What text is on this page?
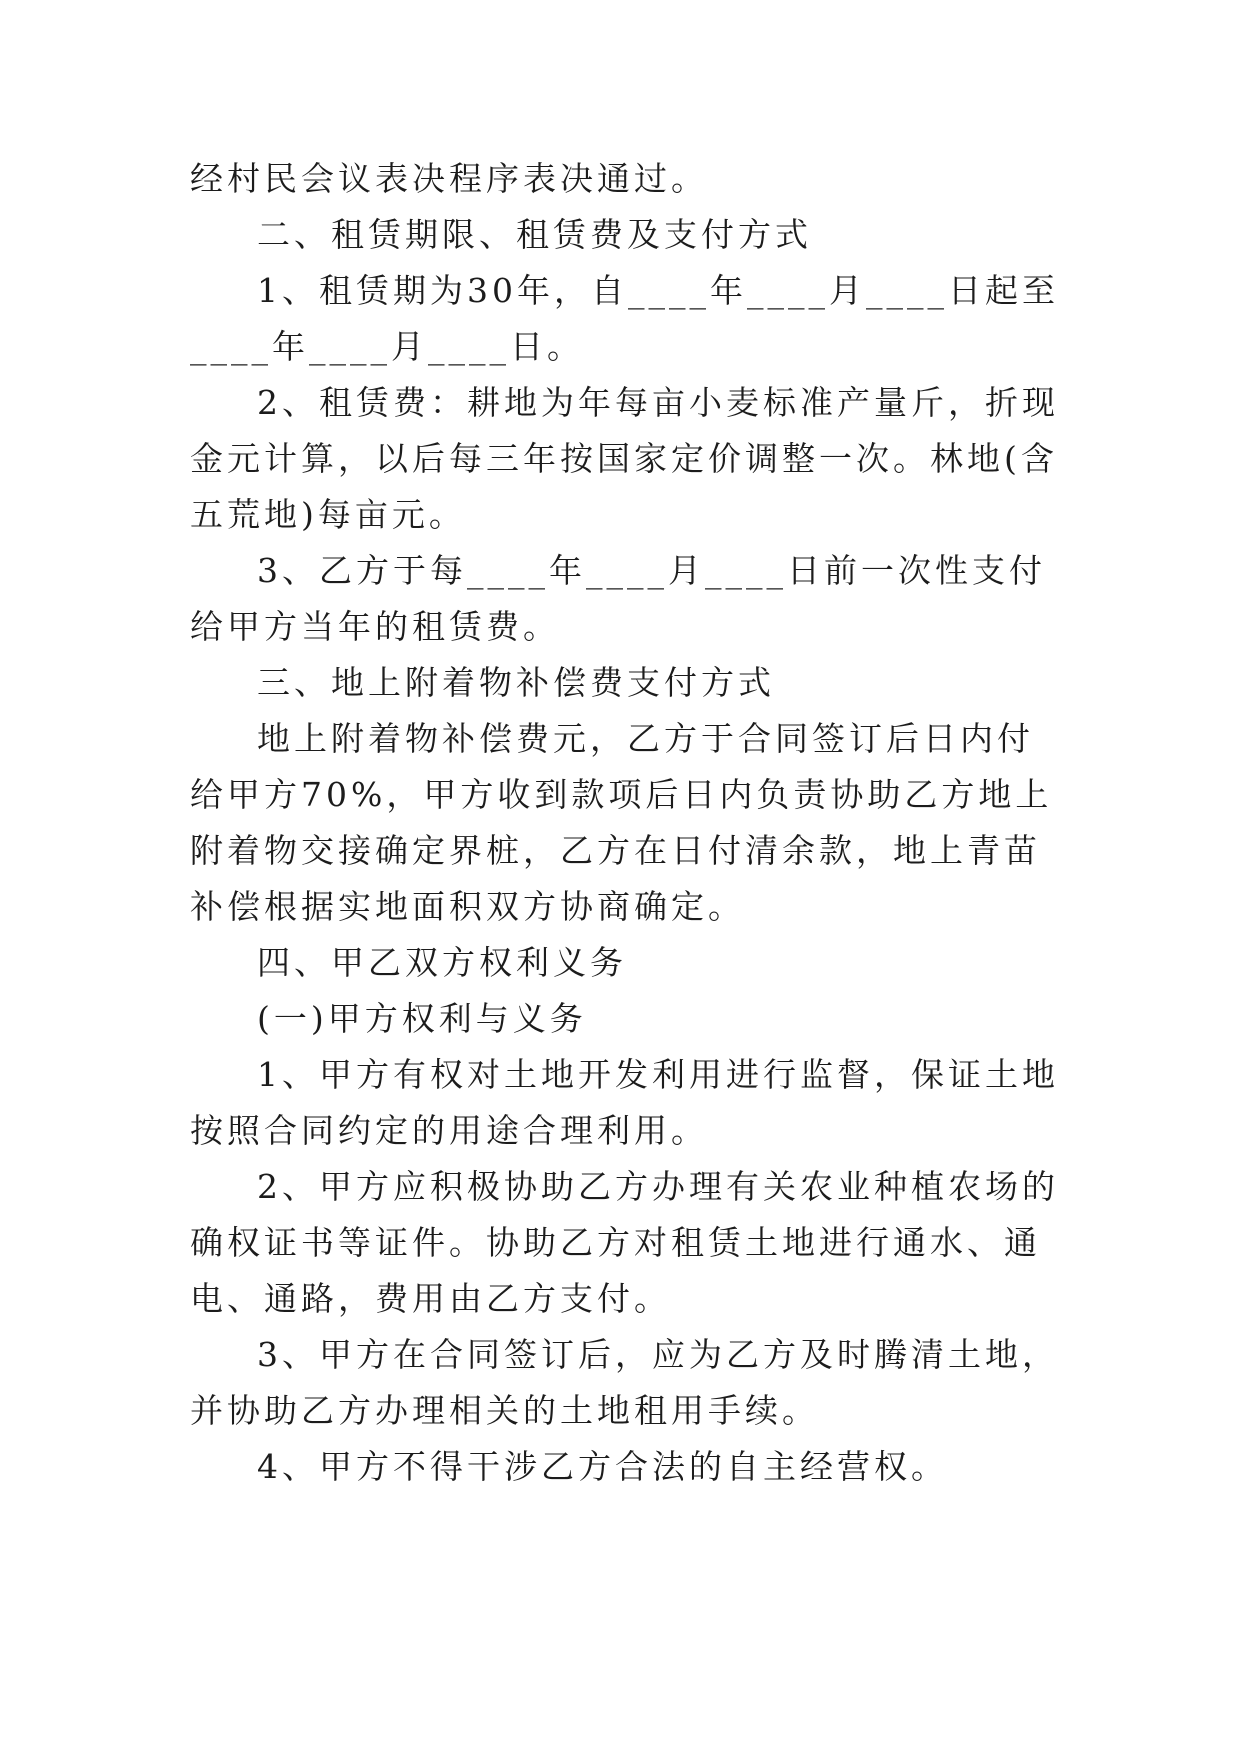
经村民会议表决程序表决通过。

二、租赁期限、租赁费及支付方式

1、租赁期为30年，自____年____月____日起至____年____月____日。

2、租赁费：耕地为年每亩小麦标准产量斤，折现金元计算，以后每三年按国家定价调整一次。林地(含五荒地)每亩元。

3、乙方于每____年____月____日前一次性支付给甲方当年的租赁费。

三、地上附着物补偿费支付方式

地上附着物补偿费元，乙方于合同签订后日内付给甲方70%，甲方收到款项后日内负责协助乙方地上附着物交接确定界桩，乙方在日付清余款，地上青苗补偿根据实地面积双方协商确定。

四、甲乙双方权利义务

(一)甲方权利与义务

1、甲方有权对土地开发利用进行监督，保证土地按照合同约定的用途合理利用。

2、甲方应积极协助乙方办理有关农业种植农场的确权证书等证件。协助乙方对租赁土地进行通水、通电、通路，费用由乙方支付。

3、甲方在合同签订后，应为乙方及时腾清土地，并协助乙方办理相关的土地租用手续。

4、甲方不得干涉乙方合法的自主经营权。
